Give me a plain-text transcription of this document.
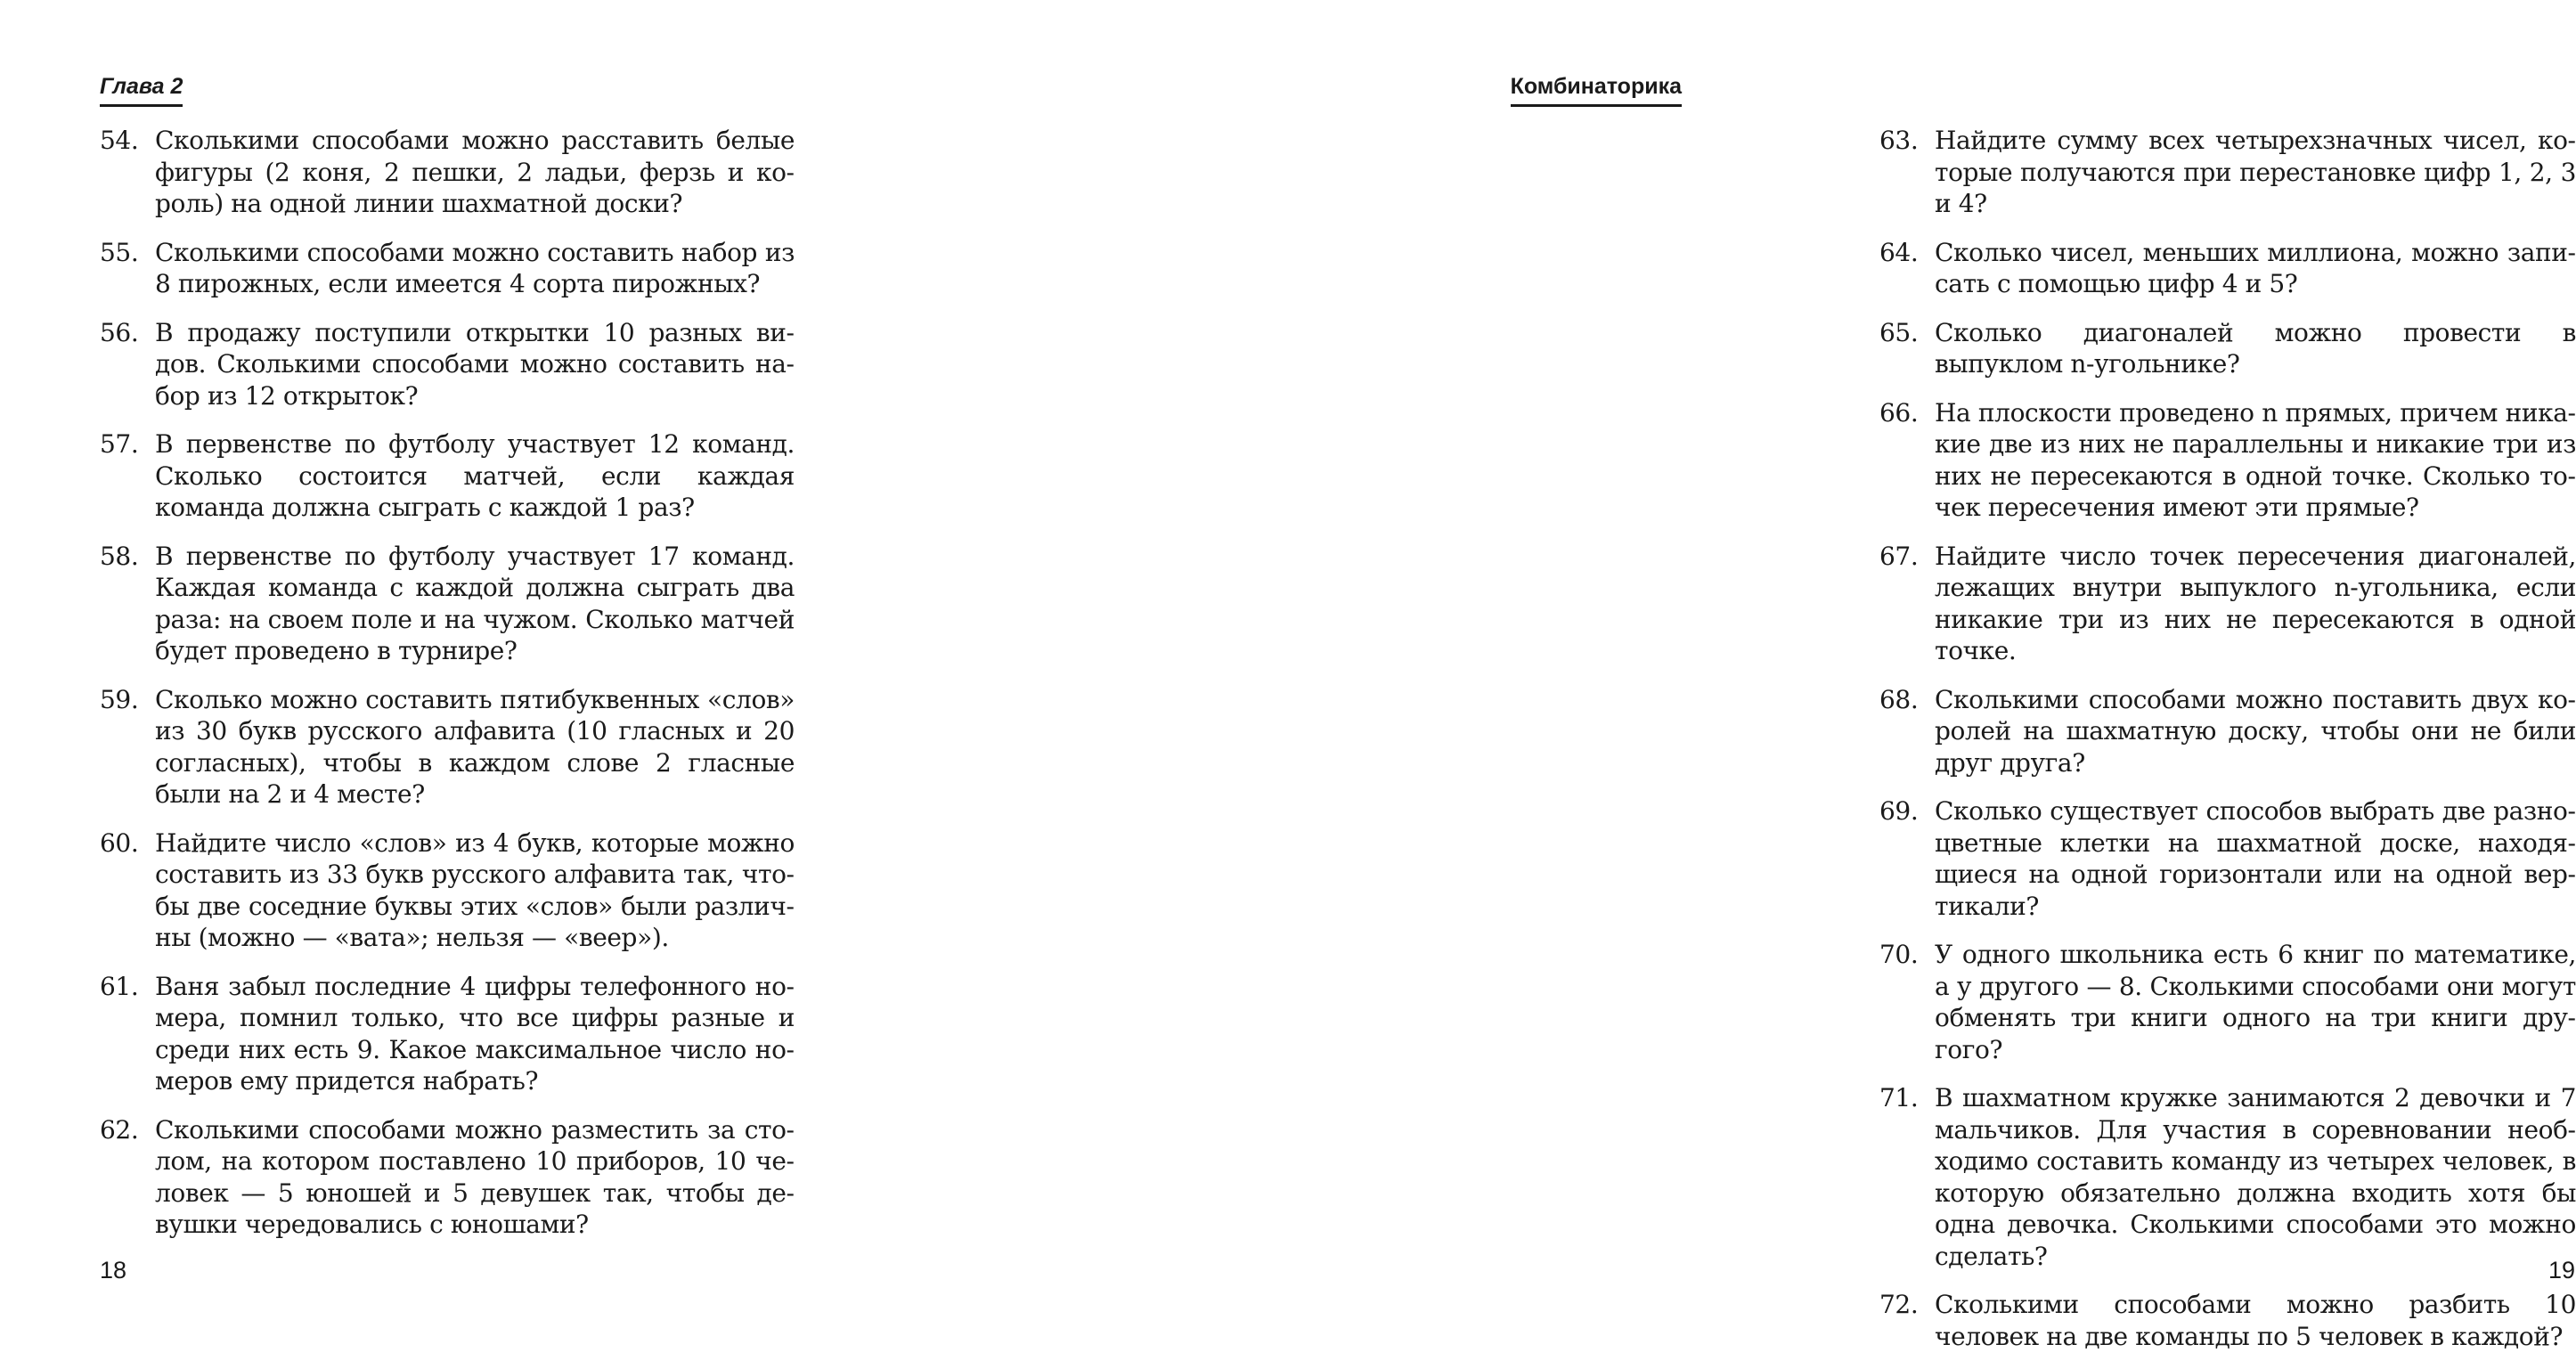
Глава 2
54. Сколькими способами можно расставить белые фигуры (2 коня, 2 пешки, 2 ладьи, ферзь и король) на одной линии шахматной доски?
55. Сколькими способами можно составить набор из 8 пирожных, если имеется 4 сорта пирожных?
56. В продажу поступили открытки 10 разных видов. Сколькими способами можно составить набор из 12 открыток?
57. В первенстве по футболу участвует 12 команд. Сколько состоится матчей, если каждая команда должна сыграть с каждой 1 раз?
58. В первенстве по футболу участвует 17 команд. Каждая команда с каждой должна сыграть два раза: на своем поле и на чужом. Сколько матчей будет проведено в турнире?
59. Сколько можно составить пятибуквенных «слов» из 30 букв русского алфавита (10 гласных и 20 согласных), чтобы в каждом слове 2 гласные были на 2 и 4 месте?
60. Найдите число «слов» из 4 букв, которые можно составить из 33 букв русского алфавита так, чтобы две соседние буквы этих «слов» были различны (можно — «вата»; нельзя — «веер»).
61. Ваня забыл последние 4 цифры телефонного номера, помнил только, что все цифры разные и среди них есть 9. Какое максимальное число номеров ему придется набрать?
62. Сколькими способами можно разместить за столом, на котором поставлено 10 приборов, 10 человек — 5 юношей и 5 девушек так, чтобы девушки чередовались с юношами?
18
Комбинаторика
63. Найдите сумму всех четырехзначных чисел, которые получаются при перестановке цифр 1, 2, 3 и 4?
64. Сколько чисел, меньших миллиона, можно записать с помощью цифр 4 и 5?
65. Сколько диагоналей можно провести в выпуклом n-угольнике?
66. На плоскости проведено n прямых, причем никакие две из них не параллельны и никакие три из них не пересекаются в одной точке. Сколько точек пересечения имеют эти прямые?
67. Найдите число точек пересечения диагоналей, лежащих внутри выпуклого n-угольника, если никакие три из них не пересекаются в одной точке.
68. Сколькими способами можно поставить двух королей на шахматную доску, чтобы они не били друг друга?
69. Сколько существует способов выбрать две разноцветные клетки на шахматной доске, находящиеся на одной горизонтали или на одной вертикали?
70. У одного школьника есть 6 книг по математике, а у другого — 8. Сколькими способами они могут обменять три книги одного на три книги другого?
71. В шахматном кружке занимаются 2 девочки и 7 мальчиков. Для участия в соревновании необходимо составить команду из четырех человек, в которую обязательно должна входить хотя бы одна девочка. Сколькими способами это можно сделать?
72. Сколькими способами можно разбить 10 человек на две команды по 5 человек в каждой?
19
